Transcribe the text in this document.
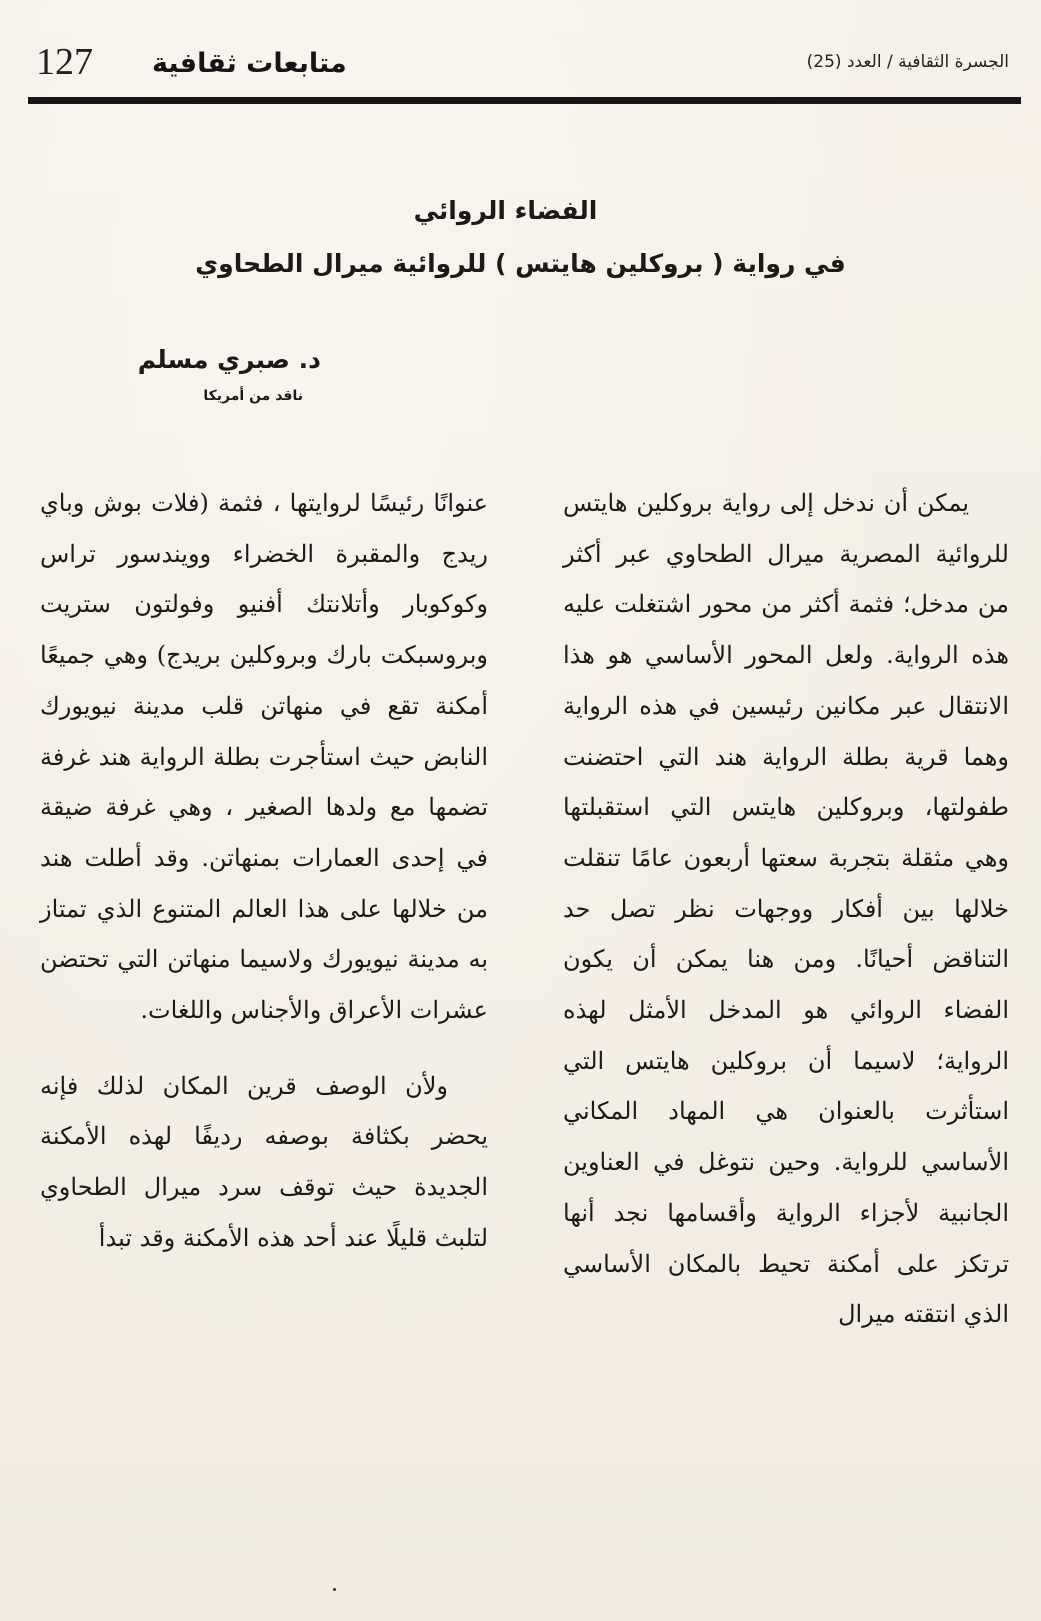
127 متابعات ثقافية	الجسرة الثقافية / العدد (25)
الفضاء الروائي
في رواية ( بروكلين هايتس ) للروائية ميرال الطحاوي
د. صبري مسلم
ناقد من أمريكا

يمكن أن ندخل إلى رواية بروكلين هايتس للروائية المصرية ميرال الطحاوي عبر أكثر من مدخل؛ فثمة أكثر من محور اشتغلت عليه هذه الرواية. ولعل المحور الأساسي هو هذا الانتقال عبر مكانين رئيسين في هذه الرواية وهما قرية بطلة الرواية هند التي احتضنت طفولتها، وبروكلين هايتس التي استقبلتها وهي مثقلة بتجربة سعتها أربعون عامًا تنقلت خلالها بين أفكار ووجهات نظر تصل حد التناقض أحيانًا. ومن هنا يمكن أن يكون الفضاء الروائي هو المدخل الأمثل لهذه الرواية؛ لاسيما أن بروكلين هايتس التي استأثرت بالعنوان هي المهاد المكاني الأساسي للرواية. وحين نتوغل في العناوين الجانبية لأجزاء الرواية وأقسامها نجد أنها ترتكز على أمكنة تحيط بالمكان الأساسي الذي انتقته ميرال

عنوانًا رئيسًا لروايتها ، فثمة (فلات بوش وباي ريدج والمقبرة الخضراء وويندسور تراس وكوكوبار وأتلانتك أفنيو وفولتون ستريت وبروسبكت بارك وبروكلين بريدج) وهي جميعًا أمكنة تقع في منهاتن قلب مدينة نيويورك النابض حيث استأجرت بطلة الرواية هند غرفة تضمها مع ولدها الصغير ، وهي غرفة ضيقة في إحدى العمارات بمنهاتن. وقد أطلت هند من خلالها على هذا العالم المتنوع الذي تمتاز به مدينة نيويورك ولاسيما منهاتن التي تحتضن عشرات الأعراق والأجناس واللغات.

ولأن الوصف قرين المكان لذلك فإنه يحضر بكثافة بوصفه رديفًا لهذه الأمكنة الجديدة حيث توقف سرد ميرال الطحاوي لتلبث قليلًا عند أحد هذه الأمكنة وقد تبدأ
